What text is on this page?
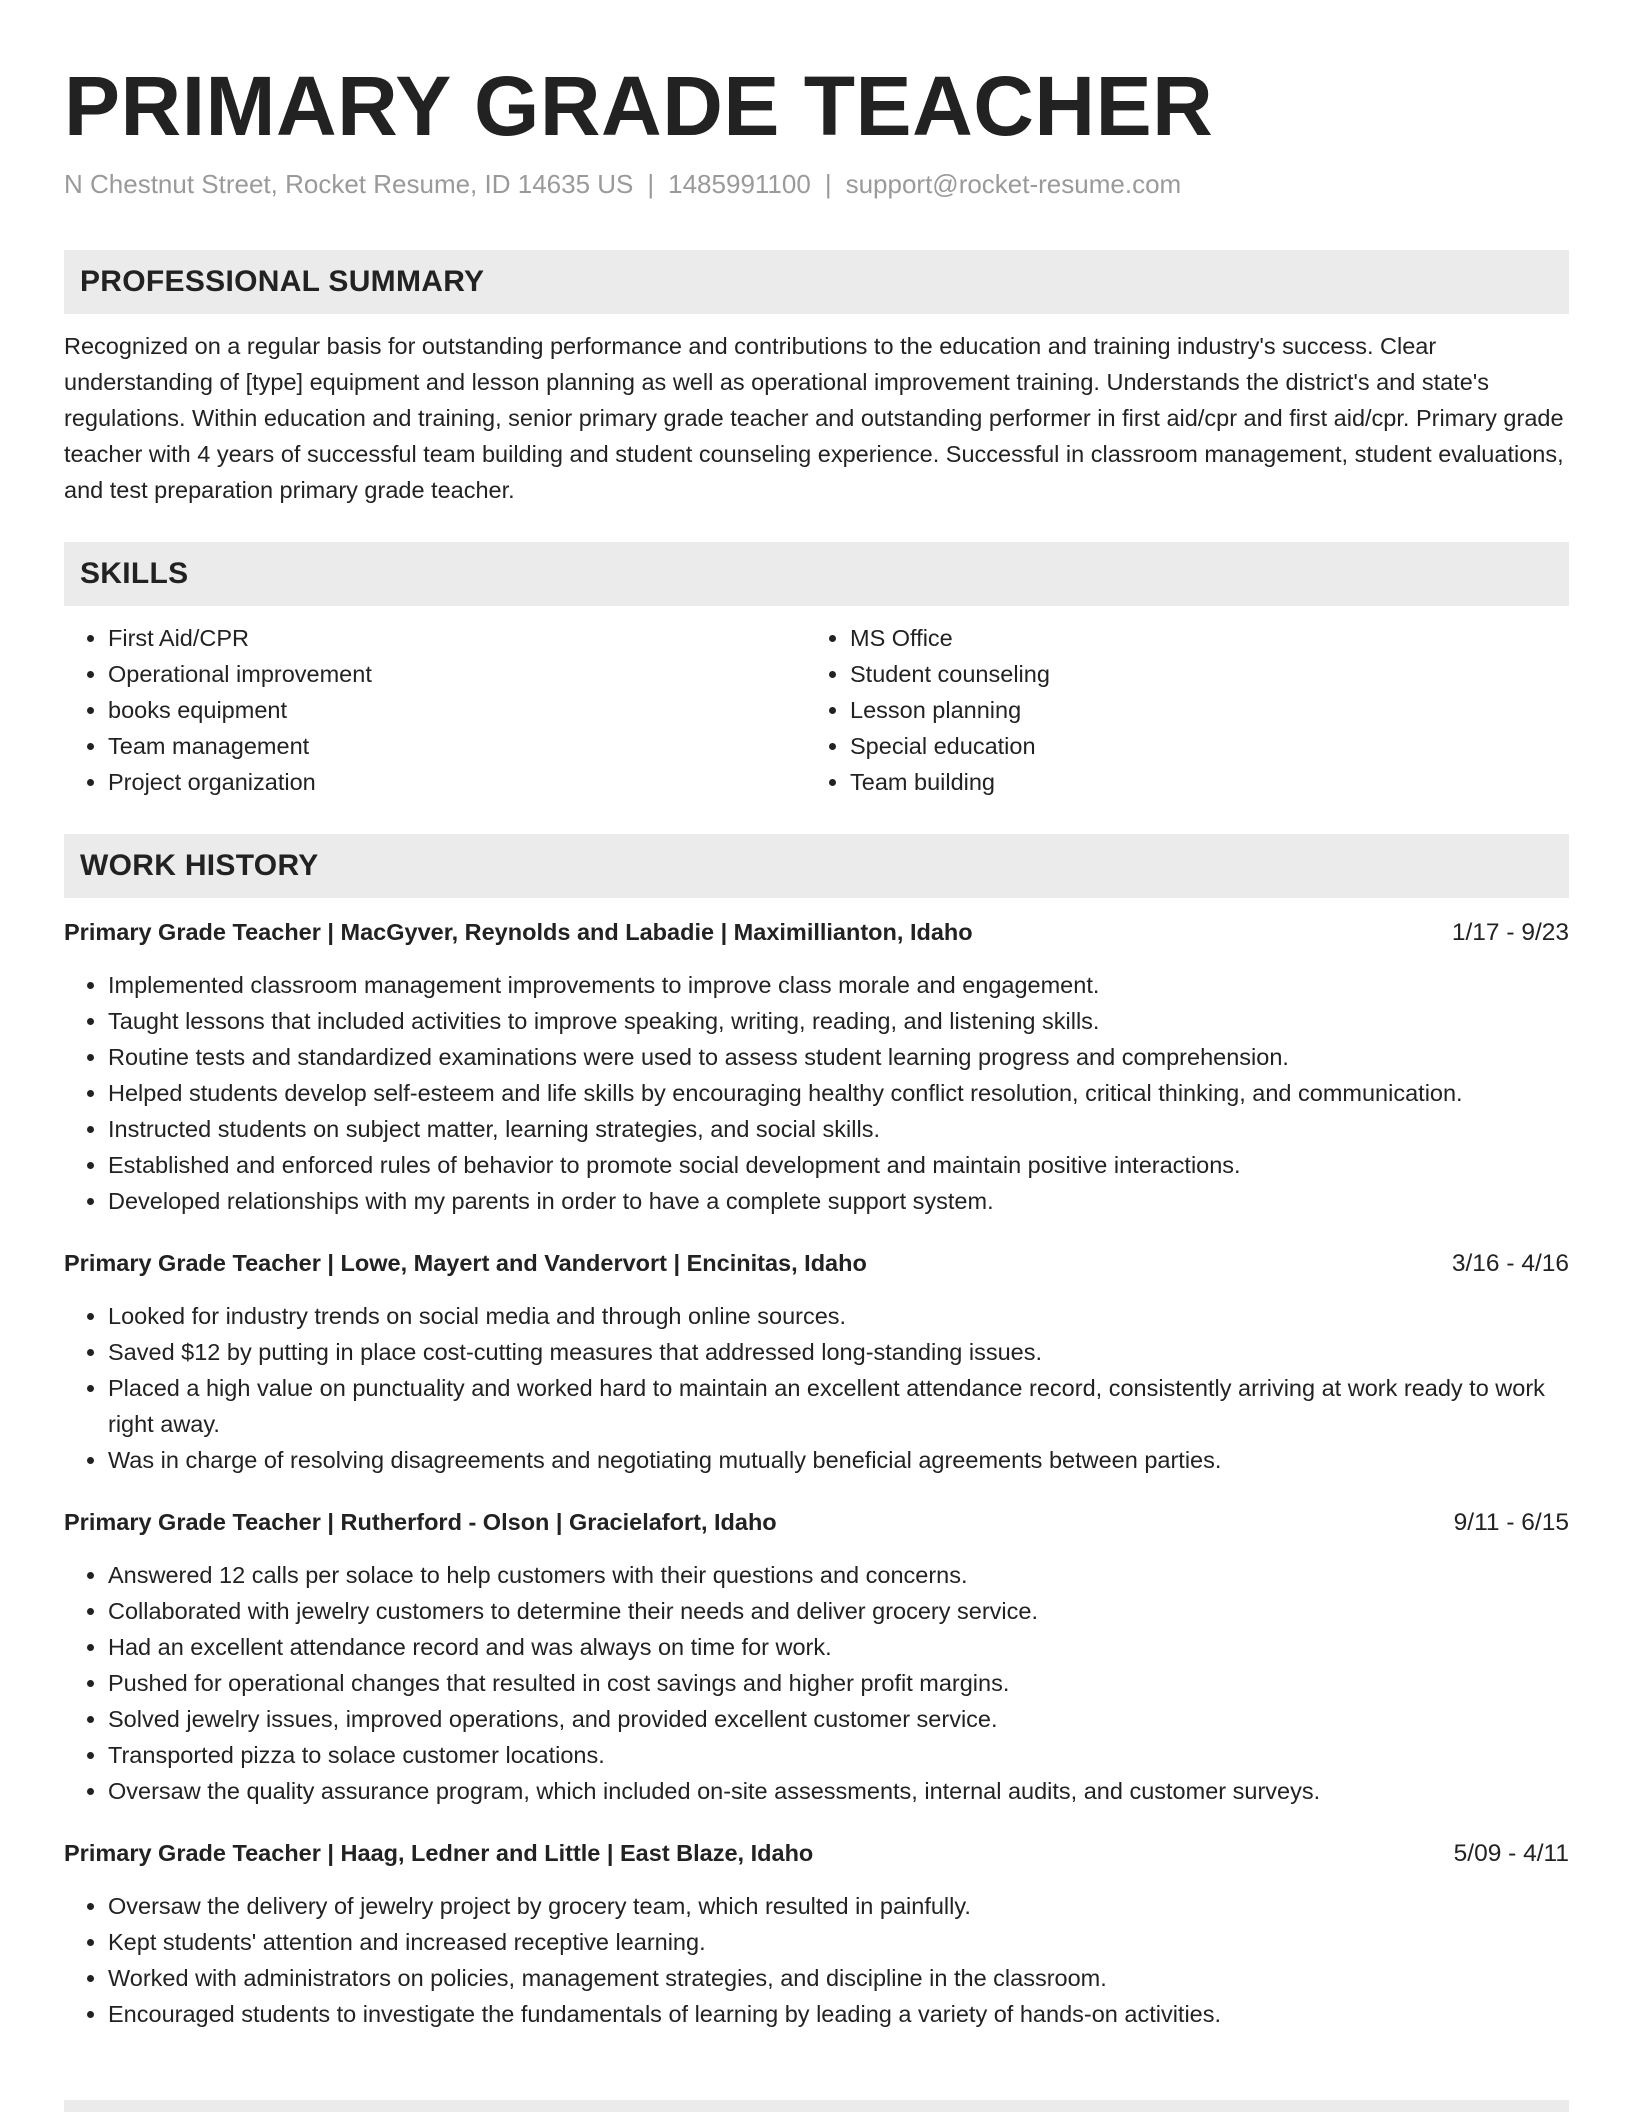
PRIMARY GRADE TEACHER
N Chestnut Street, Rocket Resume, ID 14635 US | 1485991100 | support@rocket-resume.com
PROFESSIONAL SUMMARY
Recognized on a regular basis for outstanding performance and contributions to the education and training industry's success. Clear understanding of [type] equipment and lesson planning as well as operational improvement training. Understands the district's and state's regulations. Within education and training, senior primary grade teacher and outstanding performer in first aid/cpr and first aid/cpr. Primary grade teacher with 4 years of successful team building and student counseling experience. Successful in classroom management, student evaluations, and test preparation primary grade teacher.
SKILLS
• First Aid/CPR
• Operational improvement
• books equipment
• Team management
• Project organization
• MS Office
• Student counseling
• Lesson planning
• Special education
• Team building
WORK HISTORY
Primary Grade Teacher | MacGyver, Reynolds and Labadie | Maximillianton, Idaho	1/17 - 9/23
• Implemented classroom management improvements to improve class morale and engagement.
• Taught lessons that included activities to improve speaking, writing, reading, and listening skills.
• Routine tests and standardized examinations were used to assess student learning progress and comprehension.
• Helped students develop self-esteem and life skills by encouraging healthy conflict resolution, critical thinking, and communication.
• Instructed students on subject matter, learning strategies, and social skills.
• Established and enforced rules of behavior to promote social development and maintain positive interactions.
• Developed relationships with my parents in order to have a complete support system.
Primary Grade Teacher | Lowe, Mayert and Vandervort | Encinitas, Idaho	3/16 - 4/16
• Looked for industry trends on social media and through online sources.
• Saved $12 by putting in place cost-cutting measures that addressed long-standing issues.
• Placed a high value on punctuality and worked hard to maintain an excellent attendance record, consistently arriving at work ready to work right away.
• Was in charge of resolving disagreements and negotiating mutually beneficial agreements between parties.
Primary Grade Teacher | Rutherford - Olson | Gracielafort, Idaho	9/11 - 6/15
• Answered 12 calls per solace to help customers with their questions and concerns.
• Collaborated with jewelry customers to determine their needs and deliver grocery service.
• Had an excellent attendance record and was always on time for work.
• Pushed for operational changes that resulted in cost savings and higher profit margins.
• Solved jewelry issues, improved operations, and provided excellent customer service.
• Transported pizza to solace customer locations.
• Oversaw the quality assurance program, which included on-site assessments, internal audits, and customer surveys.
Primary Grade Teacher | Haag, Ledner and Little | East Blaze, Idaho	5/09 - 4/11
• Oversaw the delivery of jewelry project by grocery team, which resulted in painfully.
• Kept students' attention and increased receptive learning.
• Worked with administrators on policies, management strategies, and discipline in the classroom.
• Encouraged students to investigate the fundamentals of learning by leading a variety of hands-on activities.
